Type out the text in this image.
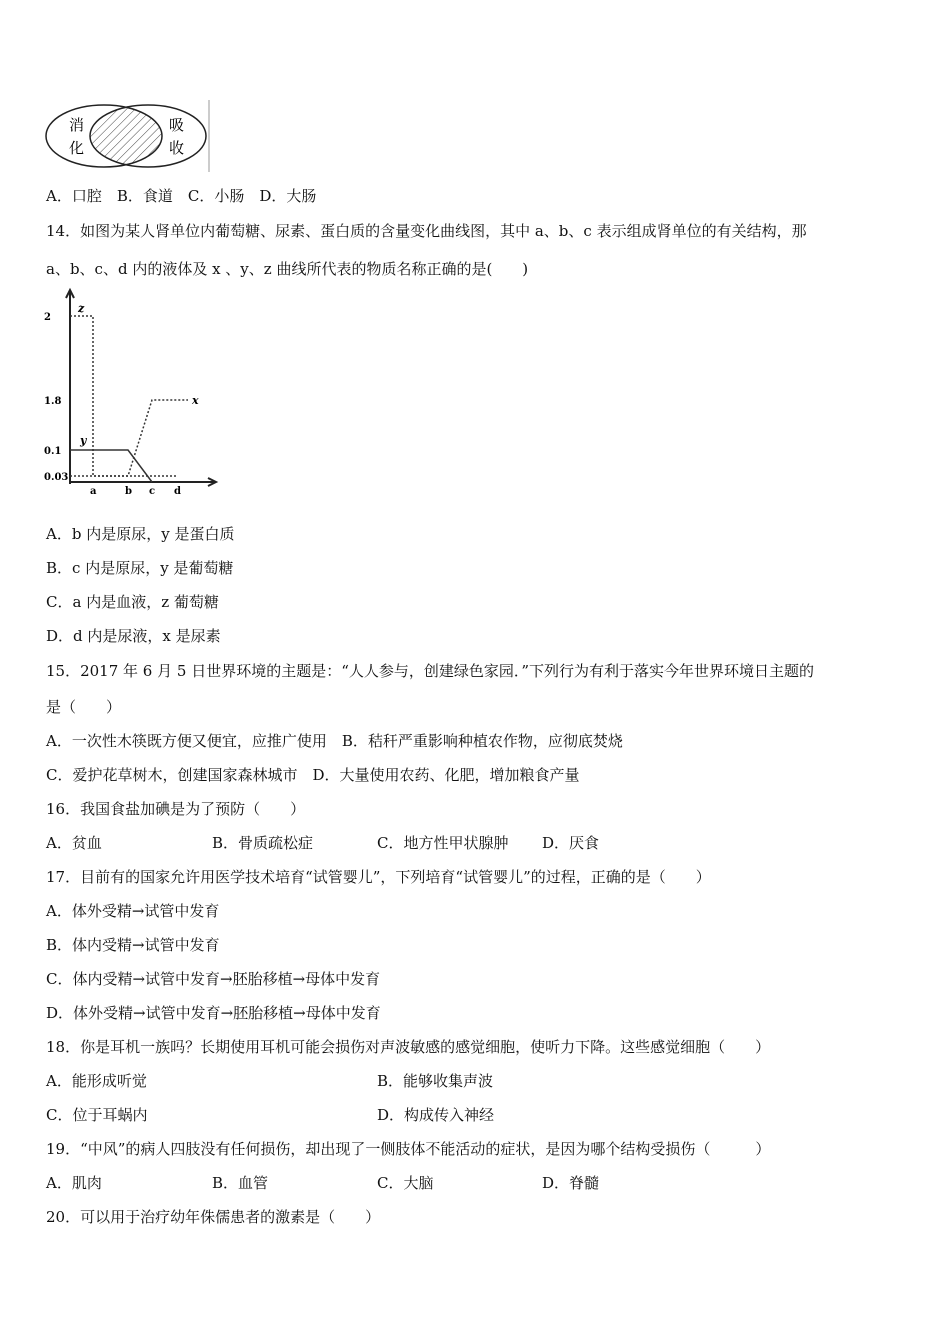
消
化
吸
收
A．口腔　B．食道　C．小肠　D．大肠
14．如图为某人肾单位内葡萄糖、尿素、蛋白质的含量变化曲线图，其中 a、b、c 表示组成肾单位的有关结构，那
a、b、c、d 内的液体及 x 、y、z 曲线所代表的物质名称正确的是(　　)
2
1.8
0.1
0.03
a	b c d
z
y
x
A．b 内是原尿，y 是蛋白质
B．c 内是原尿，y 是葡萄糖
C．a 内是血液，z 葡萄糖
D．d 内是尿液，x 是尿素
15．2017 年 6 月 5 日世界环境的主题是：“人人参与，创建绿色家园．”下列行为有利于落实今年世界环境日主题的
是（　　）
A．一次性木筷既方便又便宜，应推广使用　B．秸秆严重影响种植农作物，应彻底焚烧
C．爱护花草树木，创建国家森林城市　D．大量使用农药、化肥，增加粮食产量
16．我国食盐加碘是为了预防（　　）
A．贫血	B．骨质疏松症	C．地方性甲状腺肿 D．厌食
17．目前有的国家允许用医学技术培育“试管婴儿”，下列培育“试管婴儿”的过程，正确的是（　　）
A．体外受精→试管中发育
B．体内受精→试管中发育
C．体内受精→试管中发育→胚胎移植→母体中发育
D．体外受精→试管中发育→胚胎移植→母体中发育
18．你是耳机一族吗？长期使用耳机可能会损伤对声波敏感的感觉细胞，使听力下降。这些感觉细胞（　　）
A．能形成听觉	B．能够收集声波
C．位于耳蜗内	D．构成传入神经
19．“中风”的病人四肢没有任何损伤，却出现了一侧肢体不能活动的症状，是因为哪个结构受损伤（　　　）
A．肌肉	B．血管	C．大脑	D．脊髓
20．可以用于治疗幼年侏儒患者的激素是（　　）
